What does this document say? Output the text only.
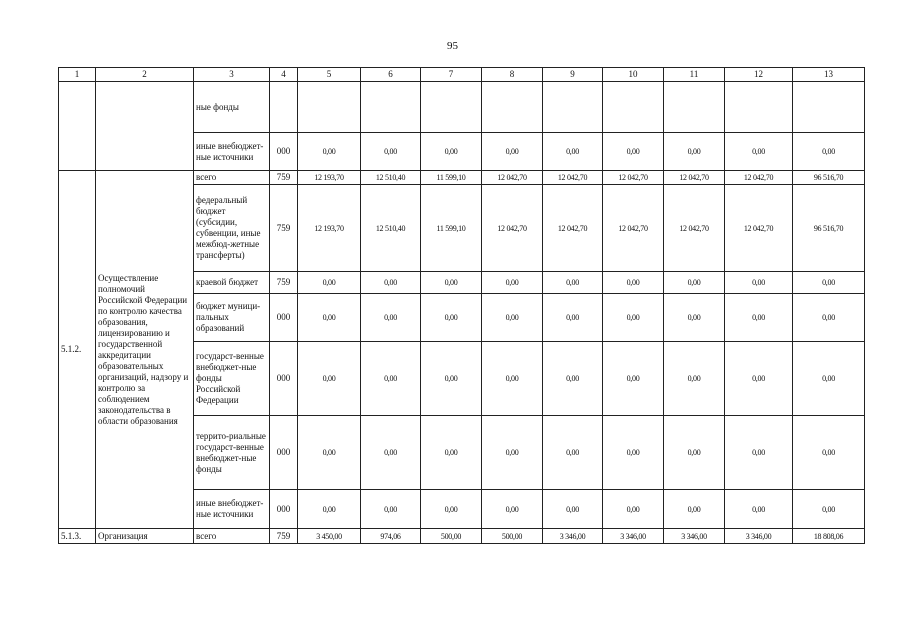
95
1	2	3	4	5	6	7	8	9	10	11	12	13
		ные фонды										
		иные внебюджет-ные источники	000	0,00	0,00	0,00	0,00	0,00	0,00	0,00	0,00	0,00
5.1.2.	Осуществление полномочий Российской Федерации по контролю качества образования, лицензированию и государственной аккредитации образовательных организаций, надзору и контролю за соблюдением законодательства в области образования	всего	759	12 193,70	12 510,40	11 599,10	12 042,70	12 042,70	12 042,70	12 042,70	12 042,70	96 516,70
		федеральный бюджет (субсидии, субвенции, иные межбюд-жетные трансферты)	759	12 193,70	12 510,40	11 599,10	12 042,70	12 042,70	12 042,70	12 042,70	12 042,70	96 516,70
		краевой бюджет	759	0,00	0,00	0,00	0,00	0,00	0,00	0,00	0,00	0,00
		бюджет муници-пальных образований	000	0,00	0,00	0,00	0,00	0,00	0,00	0,00	0,00	0,00
		государст-венные внебюджет-ные фонды Российской Федерации	000	0,00	0,00	0,00	0,00	0,00	0,00	0,00	0,00	0,00
		террито-риальные государст-венные внебюджет-ные фонды	000	0,00	0,00	0,00	0,00	0,00	0,00	0,00	0,00	0,00
		иные внебюджет-ные источники	000	0,00	0,00	0,00	0,00	0,00	0,00	0,00	0,00	0,00
5.1.3.	Организация	всего	759	3 450,00	974,06	500,00	500,00	3 346,00	3 346,00	3 346,00	3 346,00	18 808,06
